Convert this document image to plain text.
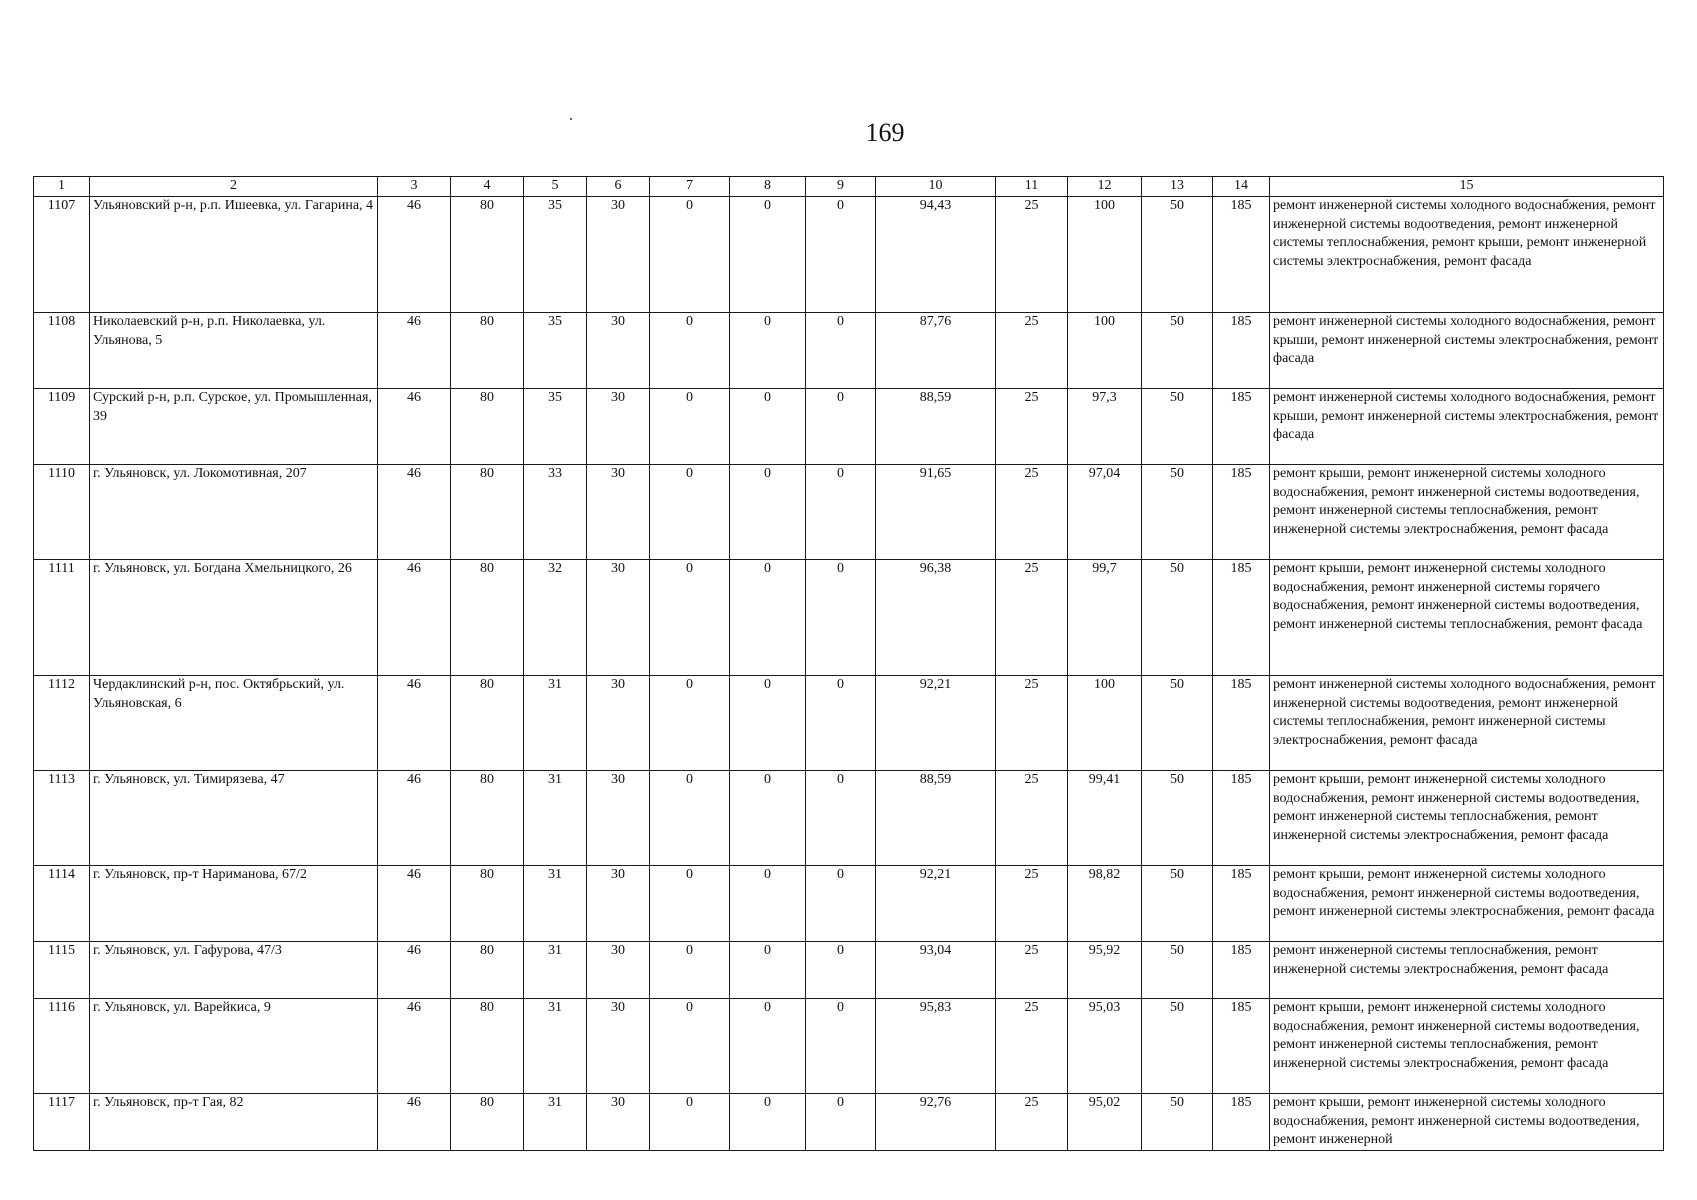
169
1	2	3	4	5	6	7	8	9	10	11	12	13	14	15
1107	Ульяновский р-н, р.п. Ишеевка, ул. Гагарина, 4	46	80	35	30	0	0	0	94,43	25	100	50	185	ремонт инженерной системы холодного водоснабжения, ремонт инженерной системы водоотведения, ремонт инженерной системы теплоснабжения, ремонт крыши, ремонт инженерной системы электроснабжения, ремонт фасада
1108	Николаевский р-н, р.п. Николаевка, ул. Ульянова, 5	46	80	35	30	0	0	0	87,76	25	100	50	185	ремонт инженерной системы холодного водоснабжения, ремонт крыши, ремонт инженерной системы электроснабжения, ремонт фасада
1109	Сурский р-н, р.п. Сурское, ул. Промышленная, 39	46	80	35	30	0	0	0	88,59	25	97,3	50	185	ремонт инженерной системы холодного водоснабжения, ремонт крыши, ремонт инженерной системы электроснабжения, ремонт фасада
1110	г. Ульяновск, ул. Локомотивная, 207	46	80	33	30	0	0	0	91,65	25	97,04	50	185	ремонт крыши, ремонт инженерной системы холодного водоснабжения, ремонт инженерной системы водоотведения, ремонт инженерной системы теплоснабжения, ремонт инженерной системы электроснабжения, ремонт фасада
1111	г. Ульяновск, ул. Богдана Хмельницкого, 26	46	80	32	30	0	0	0	96,38	25	99,7	50	185	ремонт крыши, ремонт инженерной системы холодного водоснабжения, ремонт инженерной системы горячего водоснабжения, ремонт инженерной системы водоотведения, ремонт инженерной системы теплоснабжения, ремонт фасада
1112	Чердаклинский р-н, пос. Октябрьский, ул. Ульяновская, 6	46	80	31	30	0	0	0	92,21	25	100	50	185	ремонт инженерной системы холодного водоснабжения, ремонт инженерной системы водоотведения, ремонт инженерной системы теплоснабжения, ремонт инженерной системы электроснабжения, ремонт фасада
1113	г. Ульяновск, ул. Тимирязева, 47	46	80	31	30	0	0	0	88,59	25	99,41	50	185	ремонт крыши, ремонт инженерной системы холодного водоснабжения, ремонт инженерной системы водоотведения, ремонт инженерной системы теплоснабжения, ремонт инженерной системы электроснабжения, ремонт фасада
1114	г. Ульяновск, пр-т Нариманова, 67/2	46	80	31	30	0	0	0	92,21	25	98,82	50	185	ремонт крыши, ремонт инженерной системы холодного водоснабжения, ремонт инженерной системы водоотведения, ремонт инженерной системы электроснабжения, ремонт фасада
1115	г. Ульяновск, ул. Гафурова, 47/3	46	80	31	30	0	0	0	93,04	25	95,92	50	185	ремонт инженерной системы теплоснабжения, ремонт инженерной системы электроснабжения, ремонт фасада
1116	г. Ульяновск, ул. Варейкиса, 9	46	80	31	30	0	0	0	95,83	25	95,03	50	185	ремонт крыши, ремонт инженерной системы холодного водоснабжения, ремонт инженерной системы водоотведения, ремонт инженерной системы теплоснабжения, ремонт инженерной системы электроснабжения, ремонт фасада
1117	г. Ульяновск, пр-т Гая, 82	46	80	31	30	0	0	0	92,76	25	95,02	50	185	ремонт крыши, ремонт инженерной системы холодного водоснабжения, ремонт инженерной системы водоотведения, ремонт инженерной
